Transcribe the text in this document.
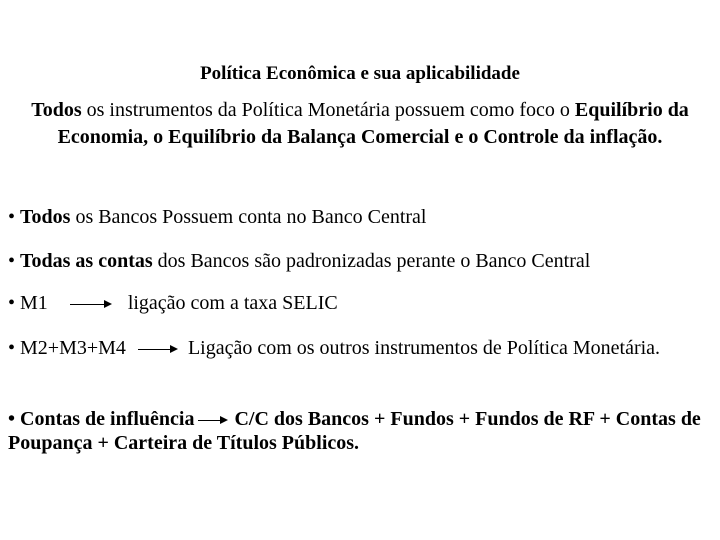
Política Econômica e sua aplicabilidade
Todos os instrumentos da Política Monetária possuem como foco o Equilíbrio da Economia, o Equilíbrio da Balança Comercial e o Controle da inflação.
• Todos os Bancos Possuem conta no Banco Central
• Todas as contas dos Bancos são padronizadas perante o Banco Central
• M1	ligação com a taxa SELIC
• M2+M3+M4	Ligação com os outros instrumentos de Política Monetária.
• Contas de influência C/C dos Bancos + Fundos + Fundos de RF + Contas de Poupança + Carteira de Títulos Públicos.
